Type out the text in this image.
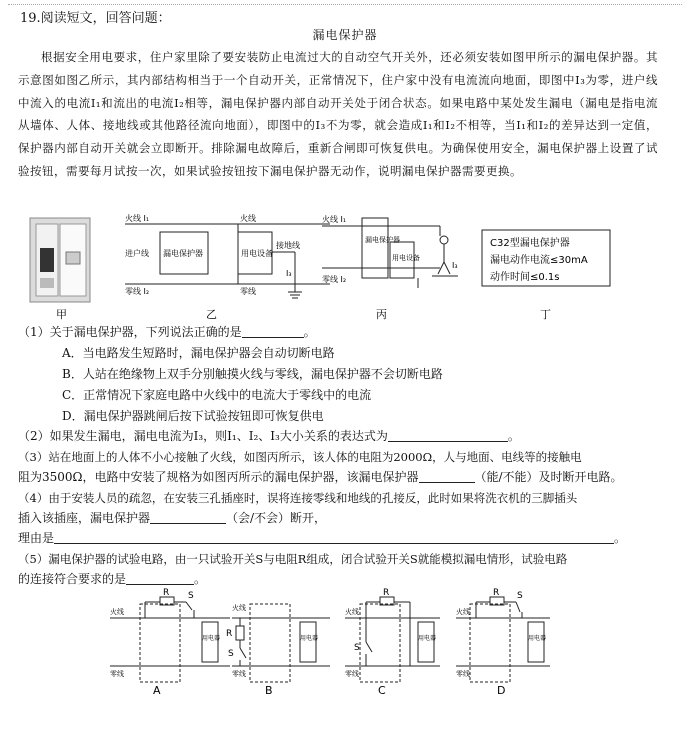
19.阅读短文，回答问题：
漏电保护器
根据安全用电要求，住户家里除了要安装防止电流过大的自动空气开关外，还必须安装如图甲所示的漏电保护器。其示意图如图乙所示，其内部结构相当于一个自动开关，正常情况下，住户家中没有电流流向地面，即图中I₃为零，进户线中流入的电流I₁和流出的电流I₂相等，漏电保护器内部自动开关处于闭合状态。如果电路中某处发生漏电（漏电是指电流从墙体、人体、接地线或其他路径流向地面），即图中的I₃不为零，就会造成I₁和I₂不相等，当I₁和I₂的差异达到一定值，保护器内部自动开关就会立即断开。排除漏电故障后，重新合闸即可恢复供电。为确保使用安全，漏电保护器上设置了试验按钮，需要每月试按一次，如果试验按钮按下漏电保护器无动作，说明漏电保护器需要更换。
火线 I₁	火线
进户线 漏电保护器	用电设备
接地线
零线 I₂	零线
I₃
火线 I₁
漏电保护器
用电设备
零线 I₂
I₃
C32型漏电保护器
漏电动作电流≤30mA
动作时间≤0.1s
甲	乙	丙	丁
（1）关于漏电保护器，下列说法正确的是	。
A．当电路发生短路时，漏电保护器会自动切断电路
B．人站在绝缘物上双手分别触摸火线与零线，漏电保护器不会切断电路
C．正常情况下家庭电路中火线中的电流大于零线中的电流
D．漏电保护器跳闸后按下试验按钮即可恢复供电
（2）如果发生漏电，漏电电流为I₃，则I₁、I₂、I₃大小关系的表达式为	。
（3）站在地面上的人体不小心接触了火线，如图丙所示，该人体的电阻为2000Ω，人与地面、电线等的接触电
阻为3500Ω，电路中安装了规格为如图丙所示的漏电保护器，该漏电保护器	（能/不能）及时断开电路。
（4）由于安装人员的疏忽，在安装三孔插座时，误将连接零线和地线的孔接反，此时如果将洗衣机的三脚插头
插入该插座，漏电保护器	（会/不会）断开，
理由是	。
（5）漏电保护器的试验电路，由一只试验开关S与电阻R组成，闭合试验开关S就能模拟漏电情形，试验电路
的连接符合要求的是	。
火线
零线
R S
用电器
火线
零线
R
S
用电器
火线
零线
R
S
用电器
火线
零线
R S
用电器
A	B	C	D
